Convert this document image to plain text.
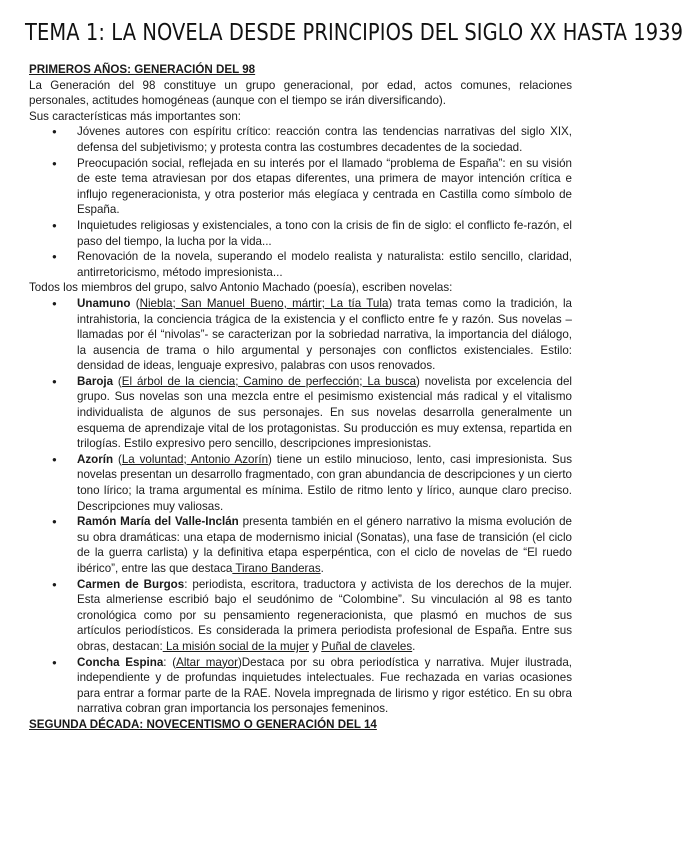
TEMA 1: LA NOVELA DESDE PRINCIPIOS DEL SIGLO XX HASTA 1939
PRIMEROS AÑOS: GENERACIÓN DEL 98

La Generación del 98 constituye un grupo generacional, por edad, actos comunes, relaciones personales, actitudes homogéneas (aunque con el tiempo se irán diversificando).

Sus características más importantes son:

● Jóvenes autores con espíritu crítico: reacción contra las tendencias narrativas del siglo XIX, defensa del subjetivismo; y protesta contra las costumbres decadentes de la sociedad.
● Preocupación social, reflejada en su interés por el llamado “problema de España”: en su visión de este tema atraviesan por dos etapas diferentes, una primera de mayor intención crítica e influjo regeneracionista, y otra posterior más elegíaca y centrada en Castilla como símbolo de España.
● Inquietudes religiosas y existenciales, a tono con la crisis de fin de siglo: el conflicto fe-razón, el paso del tiempo, la lucha por la vida...
● Renovación de la novela, superando el modelo realista y naturalista: estilo sencillo, claridad, antirretoricismo, método impresionista...

Todos los miembros del grupo, salvo Antonio Machado (poesía), escriben novelas:

● Unamuno (Niebla; San Manuel Bueno, mártir; La tía Tula) trata temas como la tradición, la intrahistoria, la conciencia trágica de la existencia y el conflicto entre fe y razón. Sus novelas –llamadas por él “nivolas”- se caracterizan por la sobriedad narrativa, la importancia del diálogo, la ausencia de trama o hilo argumental y personajes con conflictos existenciales. Estilo: densidad de ideas, lenguaje expresivo, palabras con usos renovados.
● Baroja (El árbol de la ciencia; Camino de perfección; La busca) novelista por excelencia del grupo. Sus novelas son una mezcla entre el pesimismo existencial más radical y el vitalismo individualista de algunos de sus personajes. En sus novelas desarrolla generalmente un esquema de aprendizaje vital de los protagonistas. Su producción es muy extensa, repartida en trilogías. Estilo expresivo pero sencillo, descripciones impresionistas.
● Azorín (La voluntad; Antonio Azorín) tiene un estilo minucioso, lento, casi impresionista. Sus novelas presentan un desarrollo fragmentado, con gran abundancia de descripciones y un cierto tono lírico; la trama argumental es mínima. Estilo de ritmo lento y lírico, aunque claro preciso. Descripciones muy valiosas.
● Ramón María del Valle-Inclán presenta también en el género narrativo la misma evolución de su obra dramáticas: una etapa de modernismo inicial (Sonatas), una fase de transición (el ciclo de la guerra carlista) y la definitiva etapa esperpéntica, con el ciclo de novelas de “El ruedo ibérico”, entre las que destaca Tirano Banderas.
● Carmen de Burgos: periodista, escritora, traductora y activista de los derechos de la mujer. Esta almeriense escribió bajo el seudónimo de “Colombine”. Su vinculación al 98 es tanto cronológica como por su pensamiento regeneracionista, que plasmó en muchos de sus artículos periodísticos. Es considerada la primera periodista profesional de España. Entre sus obras, destacan: La misión social de la mujer y Puñal de claveles.
● Concha Espina: (Altar mayor)Destaca por su obra periodística y narrativa. Mujer ilustrada, independiente y de profundas inquietudes intelectuales. Fue rechazada en varias ocasiones para entrar a formar parte de la RAE. Novela impregnada de lirismo y rigor estético. En su obra narrativa cobran gran importancia los personajes femeninos.
SEGUNDA DÉCADA: NOVECENTISMO O GENERACIÓN DEL 14
